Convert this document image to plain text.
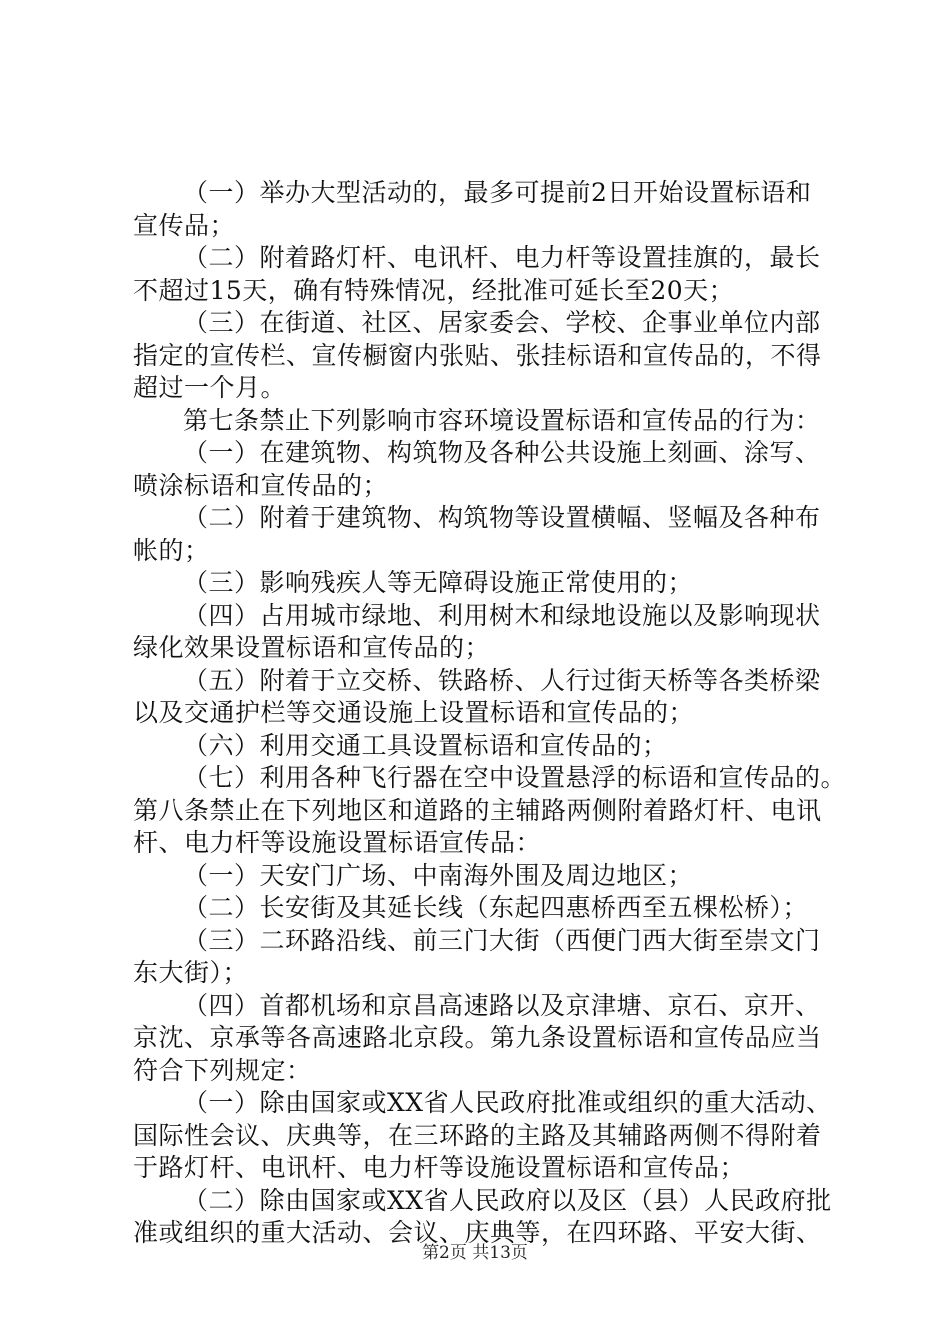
（一）举办大型活动的，最多可提前2日开始设置标语和
宣传品；
（二）附着路灯杆、电讯杆、电力杆等设置挂旗的，最长
不超过15天，确有特殊情况，经批准可延长至20天；
（三）在街道、社区、居家委会、学校、企事业单位内部
指定的宣传栏、宣传橱窗内张贴、张挂标语和宣传品的，不得
超过一个月。
第七条禁止下列影响市容环境设置标语和宣传品的行为：
（一）在建筑物、构筑物及各种公共设施上刻画、涂写、
喷涂标语和宣传品的；
（二）附着于建筑物、构筑物等设置横幅、竖幅及各种布
帐的；
（三）影响残疾人等无障碍设施正常使用的；
（四）占用城市绿地、利用树木和绿地设施以及影响现状
绿化效果设置标语和宣传品的；
（五）附着于立交桥、铁路桥、人行过街天桥等各类桥梁
以及交通护栏等交通设施上设置标语和宣传品的；
（六）利用交通工具设置标语和宣传品的；
（七）利用各种飞行器在空中设置悬浮的标语和宣传品的。
第八条禁止在下列地区和道路的主辅路两侧附着路灯杆、电讯
杆、电力杆等设施设置标语宣传品：
（一）天安门广场、中南海外围及周边地区；
（二）长安街及其延长线（东起四惠桥西至五棵松桥）；
（三）二环路沿线、前三门大街（西便门西大街至崇文门
东大街）；
（四）首都机场和京昌高速路以及京津塘、京石、京开、
京沈、京承等各高速路北京段。第九条设置标语和宣传品应当
符合下列规定：
（一）除由国家或XX省人民政府批准或组织的重大活动、
国际性会议、庆典等，在三环路的主路及其辅路两侧不得附着
于路灯杆、电讯杆、电力杆等设施设置标语和宣传品；
（二）除由国家或XX省人民政府以及区（县）人民政府批
准或组织的重大活动、会议、庆典等，在四环路、平安大街、
第2页 共13页
